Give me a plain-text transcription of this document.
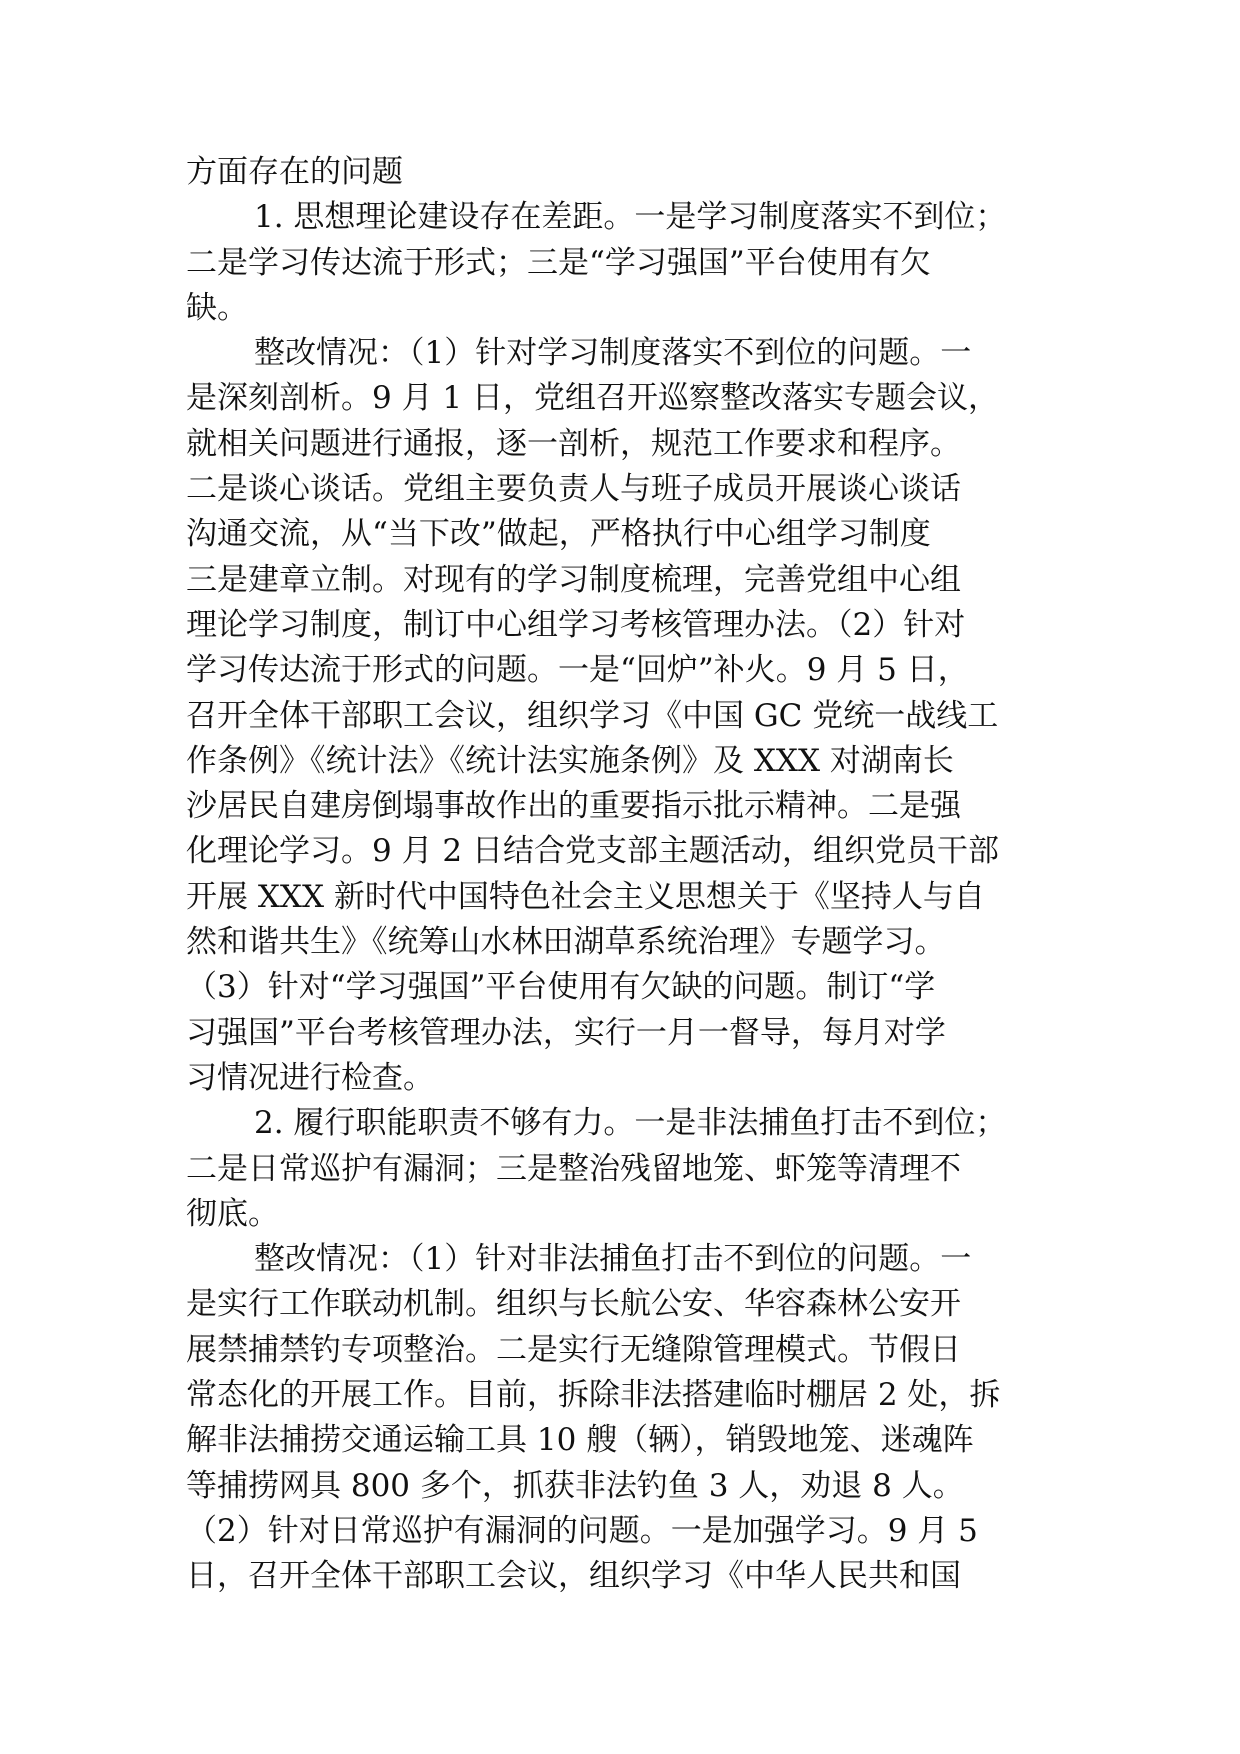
方面存在的问题
1. 思想理论建设存在差距。一是学习制度落实不到位；
二是学习传达流于形式；三是“学习强国”平台使用有欠
缺。
整改情况：（1）针对学习制度落实不到位的问题。一
是深刻剖析。9 月 1 日，党组召开巡察整改落实专题会议，
就相关问题进行通报，逐一剖析，规范工作要求和程序。
二是谈心谈话。党组主要负责人与班子成员开展谈心谈话
沟通交流，从“当下改”做起，严格执行中心组学习制度
三是建章立制。对现有的学习制度梳理，完善党组中心组
理论学习制度，制订中心组学习考核管理办法。（2）针对
学习传达流于形式的问题。一是“回炉”补火。9 月 5 日，
召开全体干部职工会议，组织学习《中国 GC 党统一战线工
作条例》《统计法》《统计法实施条例》及 XXX 对湖南长
沙居民自建房倒塌事故作出的重要指示批示精神。二是强
化理论学习。9 月 2 日结合党支部主题活动，组织党员干部
开展 XXX 新时代中国特色社会主义思想关于《坚持人与自
然和谐共生》《统筹山水林田湖草系统治理》专题学习。
（3）针对“学习强国”平台使用有欠缺的问题。制订“学
习强国”平台考核管理办法，实行一月一督导，每月对学
习情况进行检查。
2. 履行职能职责不够有力。一是非法捕鱼打击不到位；
二是日常巡护有漏洞；三是整治残留地笼、虾笼等清理不
彻底。
整改情况：（1）针对非法捕鱼打击不到位的问题。一
是实行工作联动机制。组织与长航公安、华容森林公安开
展禁捕禁钓专项整治。二是实行无缝隙管理模式。节假日
常态化的开展工作。目前，拆除非法搭建临时棚居 2 处，拆
解非法捕捞交通运输工具 10 艘（辆），销毁地笼、迷魂阵
等捕捞网具 800 多个，抓获非法钓鱼 3 人，劝退 8 人。
（2）针对日常巡护有漏洞的问题。一是加强学习。9 月 5
日，召开全体干部职工会议，组织学习《中华人民共和国
